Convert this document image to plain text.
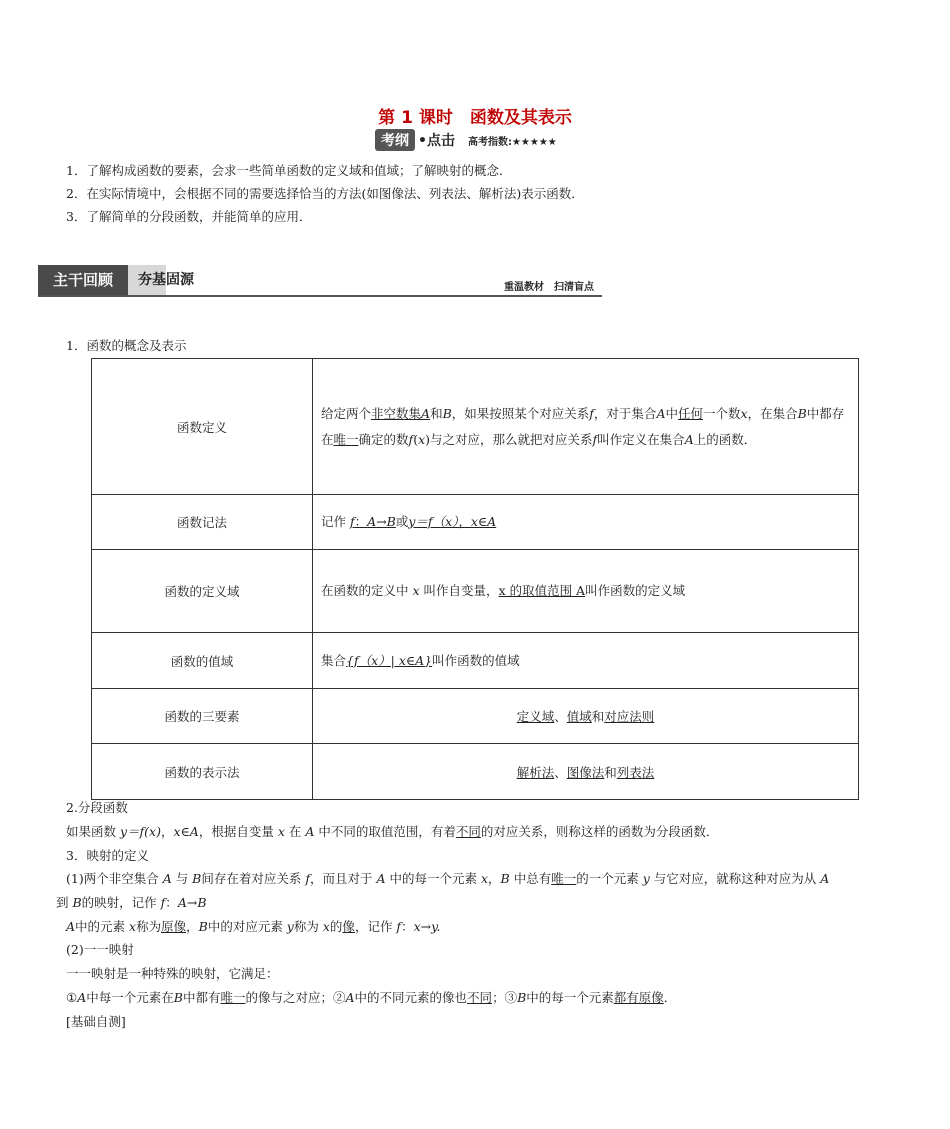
第 1 课时　函数及其表示
考纲 •点击 高考指数:★★★★★
1．了解构成函数的要素，会求一些简单函数的定义域和值域；了解映射的概念．
2．在实际情境中，会根据不同的需要选择恰当的方法(如图像法、列表法、解析法)表示函数．
3．了解简单的分段函数，并能简单的应用．
主干回顾	夯基固源	重温教材　扫清盲点
1．函数的概念及表示
函数定义	给定两个非空数集A和B，如果按照某个对应关系f，对于集合A中任何一个数x，在集合B中都存在唯一确定的数f(x)与之对应，那么就把对应关系f叫作定义在集合A上的函数．
函数记法	记作 f：A→B或y＝f（x），x∈A
函数的定义域	在函数的定义中 x 叫作自变量，x 的取值范围 A叫作函数的定义域
函数的值域	集合{f（x）| x∈A}叫作函数的值域
函数的三要素	定义域、值域和对应法则
函数的表示法	解析法、图像法和列表法
2.分段函数
如果函数 y＝f(x)，x∈A，根据自变量 x 在 A 中不同的取值范围，有着不同的对应关系，则称这样的函数为分段函数．
3．映射的定义
(1)两个非空集合 A 与 B间存在着对应关系 f，而且对于 A 中的每一个元素 x，B 中总有唯一的一个元素 y 与它对应，就称这种对应为从 A
到 B的映射，记作 f：A→B
A中的元素 x称为原像，B中的对应元素 y称为 x的像，记作 f：x→y.
(2)一一映射
一一映射是一种特殊的映射，它满足：
①A中每一个元素在B中都有唯一的像与之对应；②A中的不同元素的像也不同；③B中的每一个元素都有原像．
[基础自测]
